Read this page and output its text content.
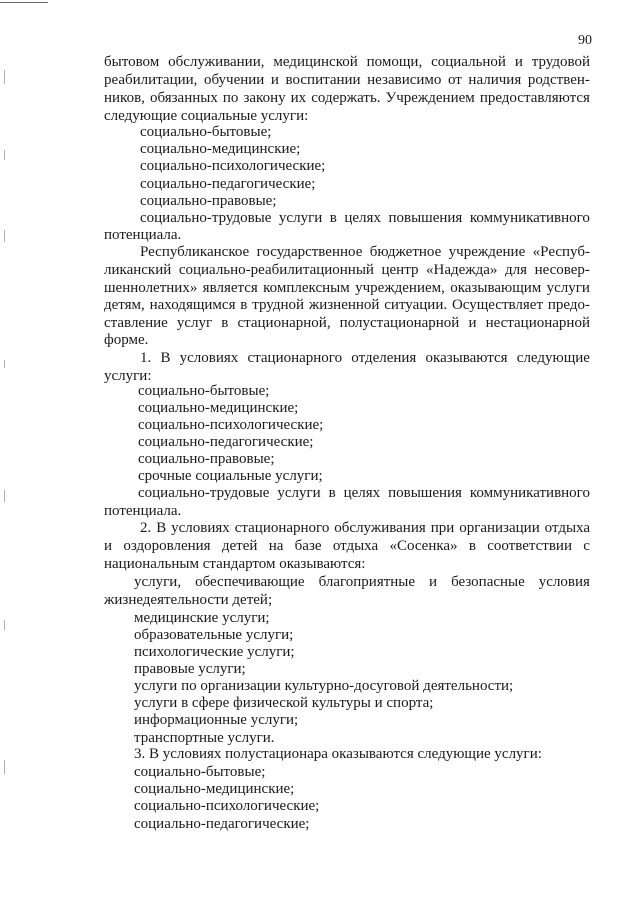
90
бытовом обслуживании, медицинской помощи, социальной и трудовой
реабилитации, обучении и воспитании независимо от наличия родствен-
ников, обязанных по закону их содержать. Учреждением предоставляются
следующие социальные услуги:
социально-бытовые;
социально-медицинские;
социально-психологические;
социально-педагогические;
социально-правовые;
социально-трудовые услуги в целях повышения коммуникативного
потенциала.
Республиканское государственное бюджетное учреждение «Респуб-
ликанский социально-реабилитационный центр «Надежда» для несовер-
шеннолетних» является комплексным учреждением, оказывающим услуги
детям, находящимся в трудной жизненной ситуации. Осуществляет предо-
ставление услуг в стационарной, полустационарной и нестационарной
форме.
1. В условиях стационарного отделения оказываются следующие
услуги:
социально-бытовые;
социально-медицинские;
социально-психологические;
социально-педагогические;
социально-правовые;
срочные социальные услуги;
социально-трудовые услуги в целях повышения коммуникативного
потенциала.
2. В условиях стационарного обслуживания при организации отдыха
и оздоровления детей на базе отдыха «Сосенка» в соответствии с
национальным стандартом оказываются:
услуги, обеспечивающие благоприятные и безопасные условия
жизнедеятельности детей;
медицинские услуги;
образовательные услуги;
психологические услуги;
правовые услуги;
услуги по организации культурно-досуговой деятельности;
услуги в сфере физической культуры и спорта;
информационные услуги;
транспортные услуги.
3. В условиях полустационара оказываются следующие услуги:
социально-бытовые;
социально-медицинские;
социально-психологические;
социально-педагогические;
